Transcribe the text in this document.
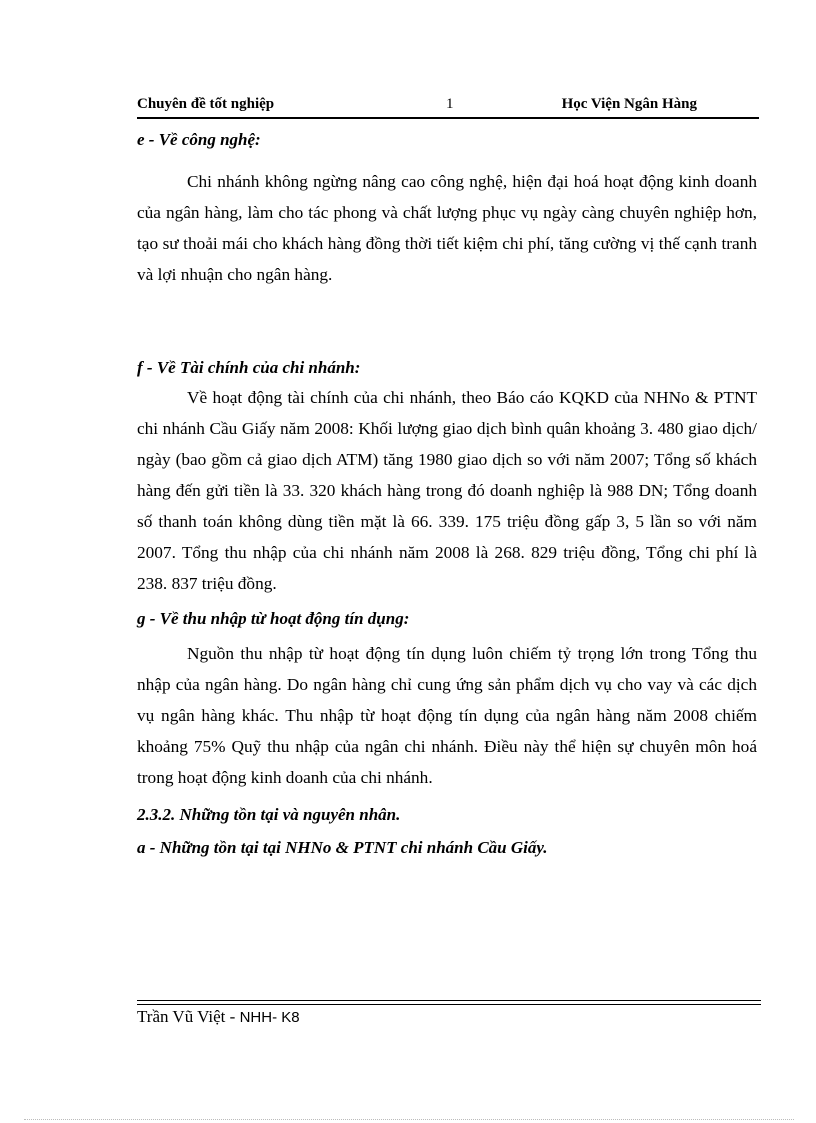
Chuyên đề tốt nghiệp	1	Học Viện Ngân Hàng

e - Về công nghệ:

Chi nhánh không ngừng nâng cao công nghệ, hiện đại hoá hoạt động kinh doanh của ngân hàng, làm cho tác phong và chất lượng phục vụ ngày càng chuyên nghiệp hơn, tạo sư thoải mái cho khách hàng đồng thời tiết kiệm chi phí, tăng cường vị thế cạnh tranh và lợi nhuận cho ngân hàng.

f - Về Tài chính của chi nhánh:

Về hoạt động tài chính của chi nhánh, theo Báo cáo KQKD của NHNo & PTNT chi nhánh Cầu Giấy năm 2008: Khối lượng giao dịch bình quân khoảng 3. 480 giao dịch/ ngày (bao gồm cả giao dịch ATM) tăng 1980 giao dịch so với năm 2007; Tổng số khách hàng đến gửi tiền là 33. 320 khách hàng trong đó doanh nghiệp là 988 DN; Tổng doanh số thanh toán không dùng tiền mặt là 66. 339. 175 triệu đồng gấp 3, 5 lần so với năm 2007. Tổng thu nhập của chi nhánh năm 2008 là 268. 829 triệu đồng, Tổng chi phí là 238. 837 triệu đồng.

g - Về thu nhập từ hoạt động tín dụng:

Nguồn thu nhập từ hoạt động tín dụng luôn chiếm tỷ trọng lớn trong Tổng thu nhập của ngân hàng. Do ngân hàng chỉ cung ứng sản phẩm dịch vụ cho vay và các dịch vụ ngân hàng khác. Thu nhập từ hoạt động tín dụng của ngân hàng năm 2008 chiếm khoảng 75% Quỹ thu nhập của ngân chi nhánh. Điều này thể hiện sự chuyên môn hoá trong hoạt động kinh doanh của chi nhánh.

2.3.2. Những tồn tại và nguyên nhân.

a - Những tồn tại tại NHNo & PTNT chi nhánh Cầu Giấy.

Trần Vũ Việt - NHH- K8
